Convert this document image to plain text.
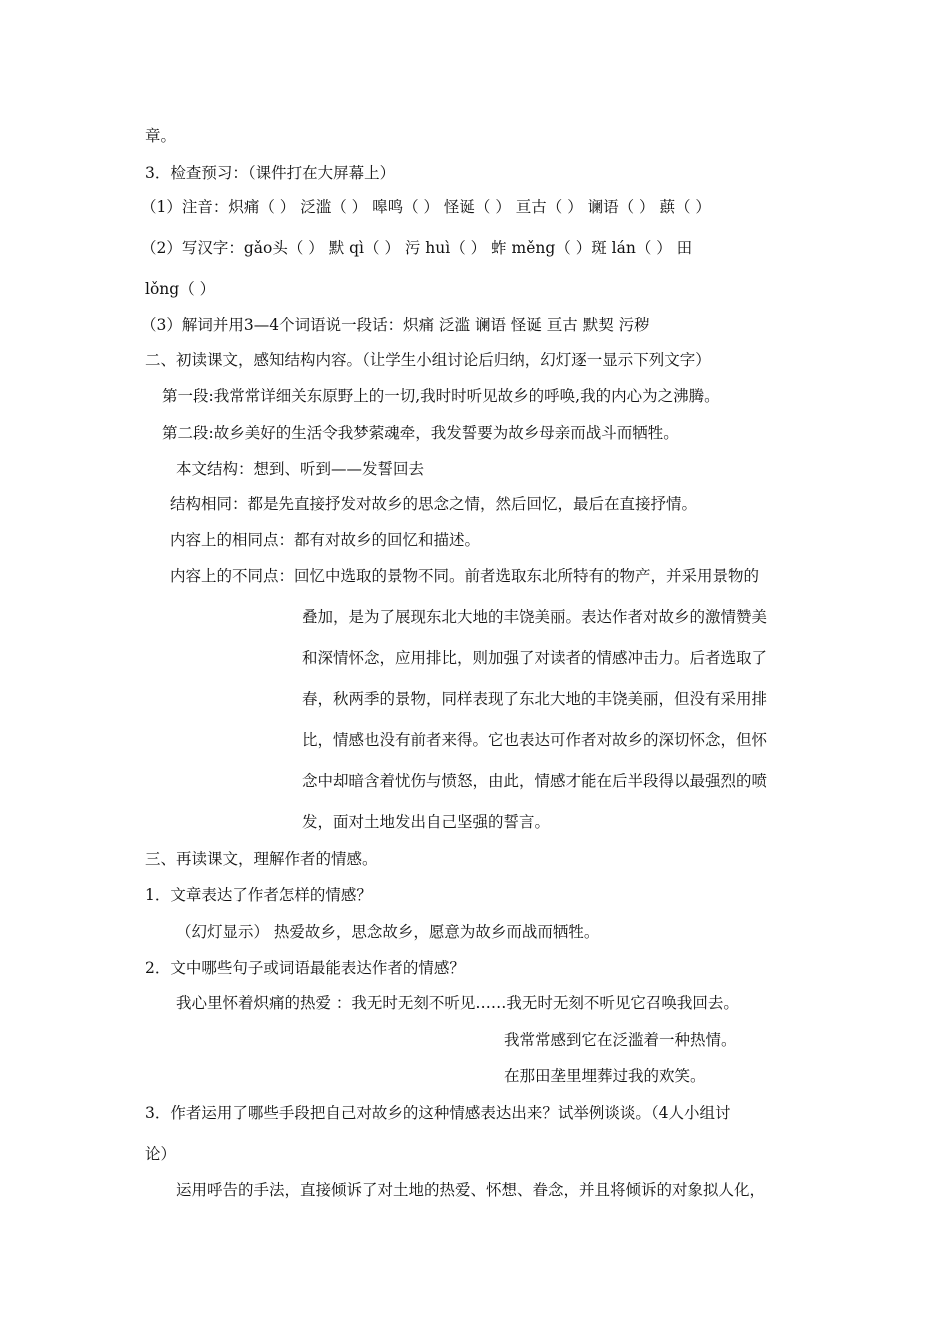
章。
3．检查预习：（课件打在大屏幕上）
（1）注音：炽痛（ ） 泛滥（ ） 嗥鸣（ ） 怪诞（ ） 亘古（ ） 谰语（ ） 蕻（ ）
（2）写汉字：gǎo头（ ） 默 qì（ ） 污 huì（ ） 蚱 měng（ ）斑 lán（ ） 田
lǒng（ ）
（3）解词并用3—4个词语说一段话：炽痛 泛滥 谰语 怪诞 亘古 默契 污秽
二、初读课文，感知结构内容。（让学生小组讨论后归纳，幻灯逐一显示下列文字）
第一段:我常常详细关东原野上的一切,我时时听见故乡的呼唤,我的内心为之沸腾。
第二段:故乡美好的生活令我梦萦魂牵，我发誓要为故乡母亲而战斗而牺牲。
本文结构：想到、听到——发誓回去
结构相同：都是先直接抒发对故乡的思念之情，然后回忆，最后在直接抒情。
内容上的相同点：都有对故乡的回忆和描述。
内容上的不同点：回忆中选取的景物不同。前者选取东北所特有的物产，并采用景物的
叠加，是为了展现东北大地的丰饶美丽。表达作者对故乡的激情赞美
和深情怀念，应用排比，则加强了对读者的情感冲击力。后者选取了
春，秋两季的景物，同样表现了东北大地的丰饶美丽，但没有采用排
比，情感也没有前者来得。它也表达可作者对故乡的深切怀念，但怀
念中却暗含着忧伤与愤怒，由此，情感才能在后半段得以最强烈的喷
发，面对土地发出自己坚强的誓言。
三、再读课文，理解作者的情感。
1．文章表达了作者怎样的情感？
（幻灯显示） 热爱故乡，思念故乡，愿意为故乡而战而牺牲。
2．文中哪些句子或词语最能表达作者的情感？
我心里怀着炽痛的热爱 ：我无时无刻不听见……我无时无刻不听见它召唤我回去。
我常常感到它在泛滥着一种热情。
在那田垄里埋葬过我的欢笑。
3．作者运用了哪些手段把自己对故乡的这种情感表达出来？试举例谈谈。（4人小组讨
论）
运用呼告的手法，直接倾诉了对土地的热爱、怀想、眷念，并且将倾诉的对象拟人化，
